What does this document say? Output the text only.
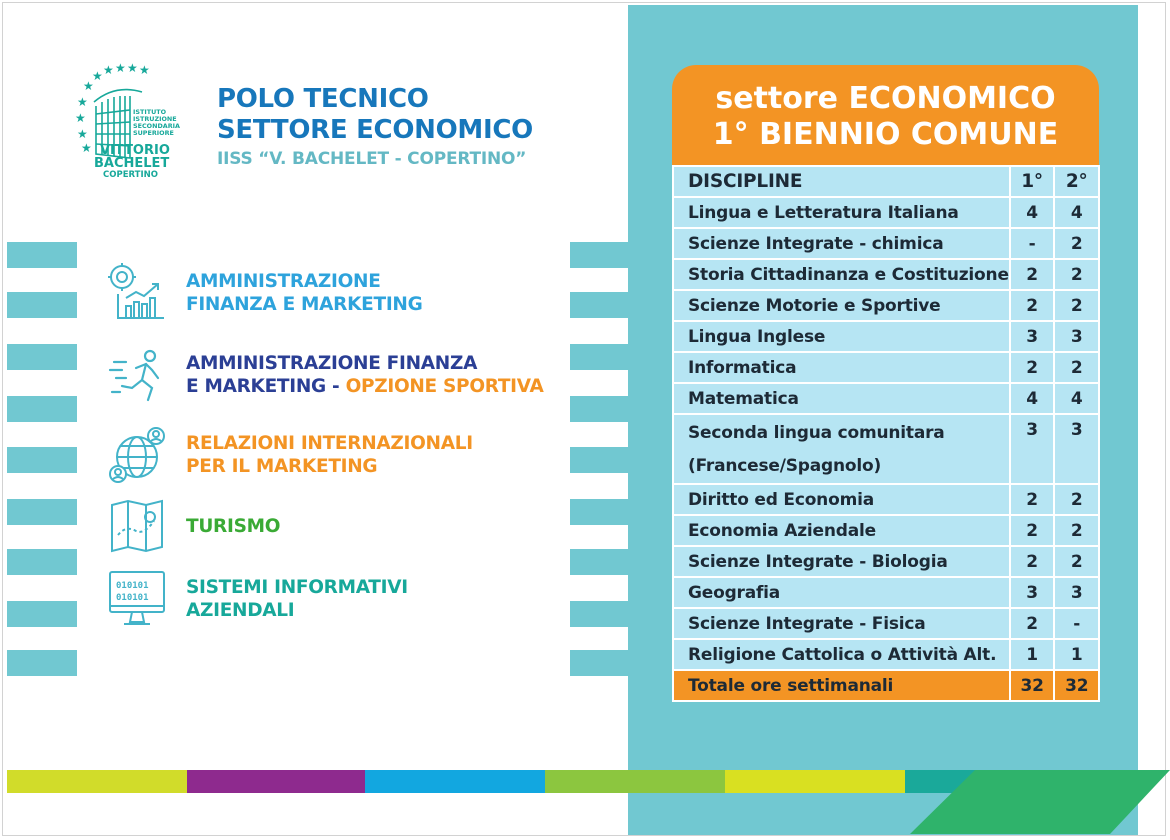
★ ★ ★ ★ ★
★
★
★
★
★
ISTITUTO
ISTRUZIONE
SECONDARIA
SUPERIORE
VITTORIO
BACHELET
COPERTINO
POLO TECNICO
SETTORE ECONOMICO
IISS “V. BACHELET - COPERTINO”
AMMINISTRAZIONE
FINANZA E MARKETING
AMMINISTRAZIONE FINANZA
E MARKETING - OPZIONE SPORTIVA
RELAZIONI INTERNAZIONALI
PER IL MARKETING
TURISMO
010101
010101 SISTEMI INFORMATIVI
AZIENDALI
settore ECONOMICO
1° BIENNIO COMUNE
DISCIPLINE	1°	2°
Lingua e Letteratura Italiana	4	4
Scienze Integrate - chimica	-	2
Storia Cittadinanza e Costituzione	2	2
Scienze Motorie e Sportive	2	2
Lingua Inglese	3	3
Informatica	2	2
Matematica	4	4

Seconda lingua comunitara
(Francese/Spagnolo)	3	3
Diritto ed Economia	2	2
Economia Aziendale	2	2
Scienze Integrate - Biologia	2	2
Geografia	3	3
Scienze Integrate - Fisica	2	-
Religione Cattolica o Attività Alt.	1	1
Totale ore settimanali	32	32
